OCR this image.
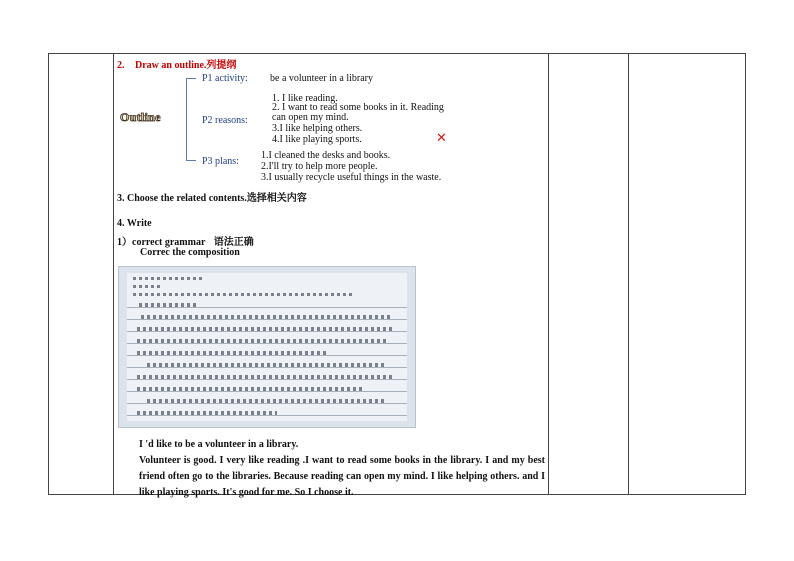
2. Draw an outline.列提纲
Outline
P1 activity: be a volunteer in a library
P2 reasons:
1. I like reading.
2. I want to read some books in it. Reading
can open my mind.
3.I like helping others.
4.I like playing sports.	✕
P3 plans:
1.I cleaned the desks and books.
2.I'll try to help more people.
3.I usually recycle useful things in the waste.
3. Choose the related contents.选择相关内容
4. Write
1）correct grammar 语法正确
Correc the composition

I 'd like to be a volunteer in a library.

Volunteer is good. I very like reading .I want to read some books in the library. I and my best friend often go to the libraries. Because reading can open my mind. I like helping others. and I like playing sports. It's good for me. So I choose it.
